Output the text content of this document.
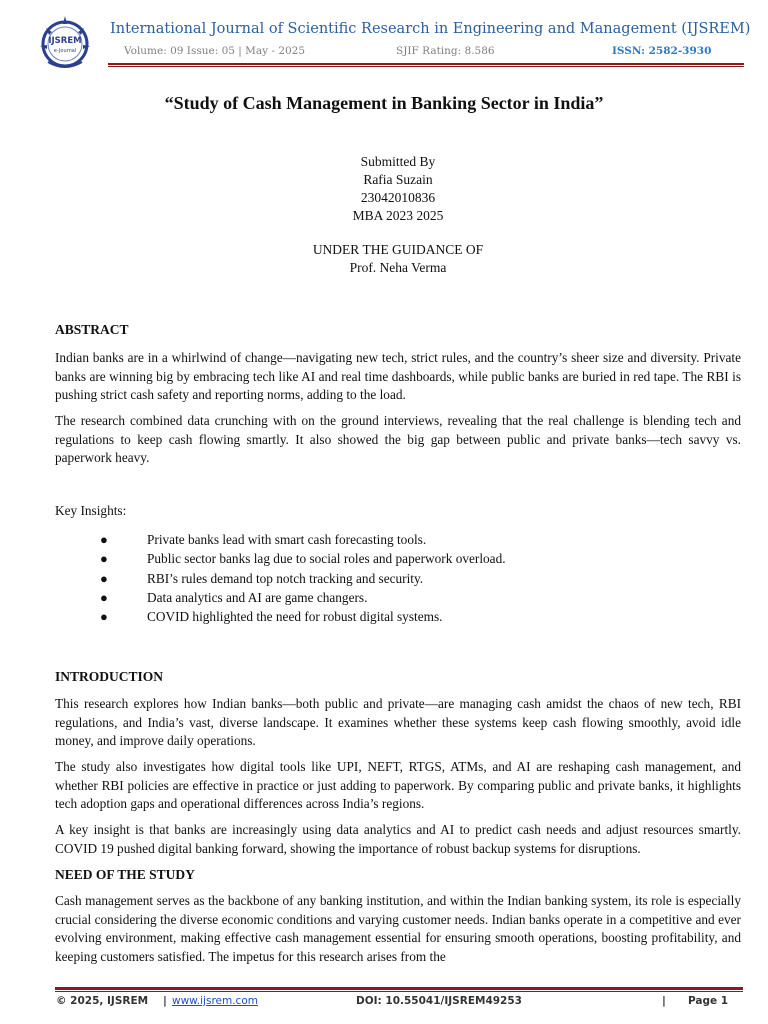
IJSREM
e-Journal
International Journal of Scientific Research in Engineering and Management (IJSREM)
Volume: 09 Issue: 05 | May - 2025	SJIF Rating: 8.586	ISSN: 2582-3930
“Study of Cash Management in Banking Sector in India”
Submitted By
Rafia Suzain
23042010836
MBA 2023 2025
UNDER THE GUIDANCE OF
Prof. Neha Verma
ABSTRACT

Indian banks are in a whirlwind of change—navigating new tech, strict rules, and the country’s sheer size and diversity. Private banks are winning big by embracing tech like AI and real time dashboards, while public banks are buried in red tape. The RBI is pushing strict cash safety and reporting norms, adding to the load.

The research combined data crunching with on the ground interviews, revealing that the real challenge is blending tech and regulations to keep cash flowing smartly. It also showed the big gap between public and private banks—tech savvy vs. paperwork heavy.

Key Insights:
●	Private banks lead with smart cash forecasting tools.
●	Public sector banks lag due to social roles and paperwork overload.
●	RBI’s rules demand top notch tracking and security.
●	Data analytics and AI are game changers.
●	COVID highlighted the need for robust digital systems.
INTRODUCTION

This research explores how Indian banks—both public and private—are managing cash amidst the chaos of new tech, RBI regulations, and India’s vast, diverse landscape. It examines whether these systems keep cash flowing smoothly, avoid idle money, and improve daily operations.

The study also investigates how digital tools like UPI, NEFT, RTGS, ATMs, and AI are reshaping cash management, and whether RBI policies are effective in practice or just adding to paperwork. By comparing public and private banks, it highlights tech adoption gaps and operational differences across India’s regions.

A key insight is that banks are increasingly using data analytics and AI to predict cash needs and adjust resources smartly. COVID 19 pushed digital banking forward, showing the importance of robust backup systems for disruptions.

NEED OF THE STUDY

Cash management serves as the backbone of any banking institution, and within the Indian banking system, its role is especially crucial considering the diverse economic conditions and varying customer needs. Indian banks operate in a competitive and ever evolving environment, making effective cash management essential for ensuring smooth operations, boosting profitability, and keeping customers satisfied. The impetus for this research arises from the

© 2025, IJSREM | www.ijsrem.com	DOI: 10.55041/IJSREM49253	| Page 1
